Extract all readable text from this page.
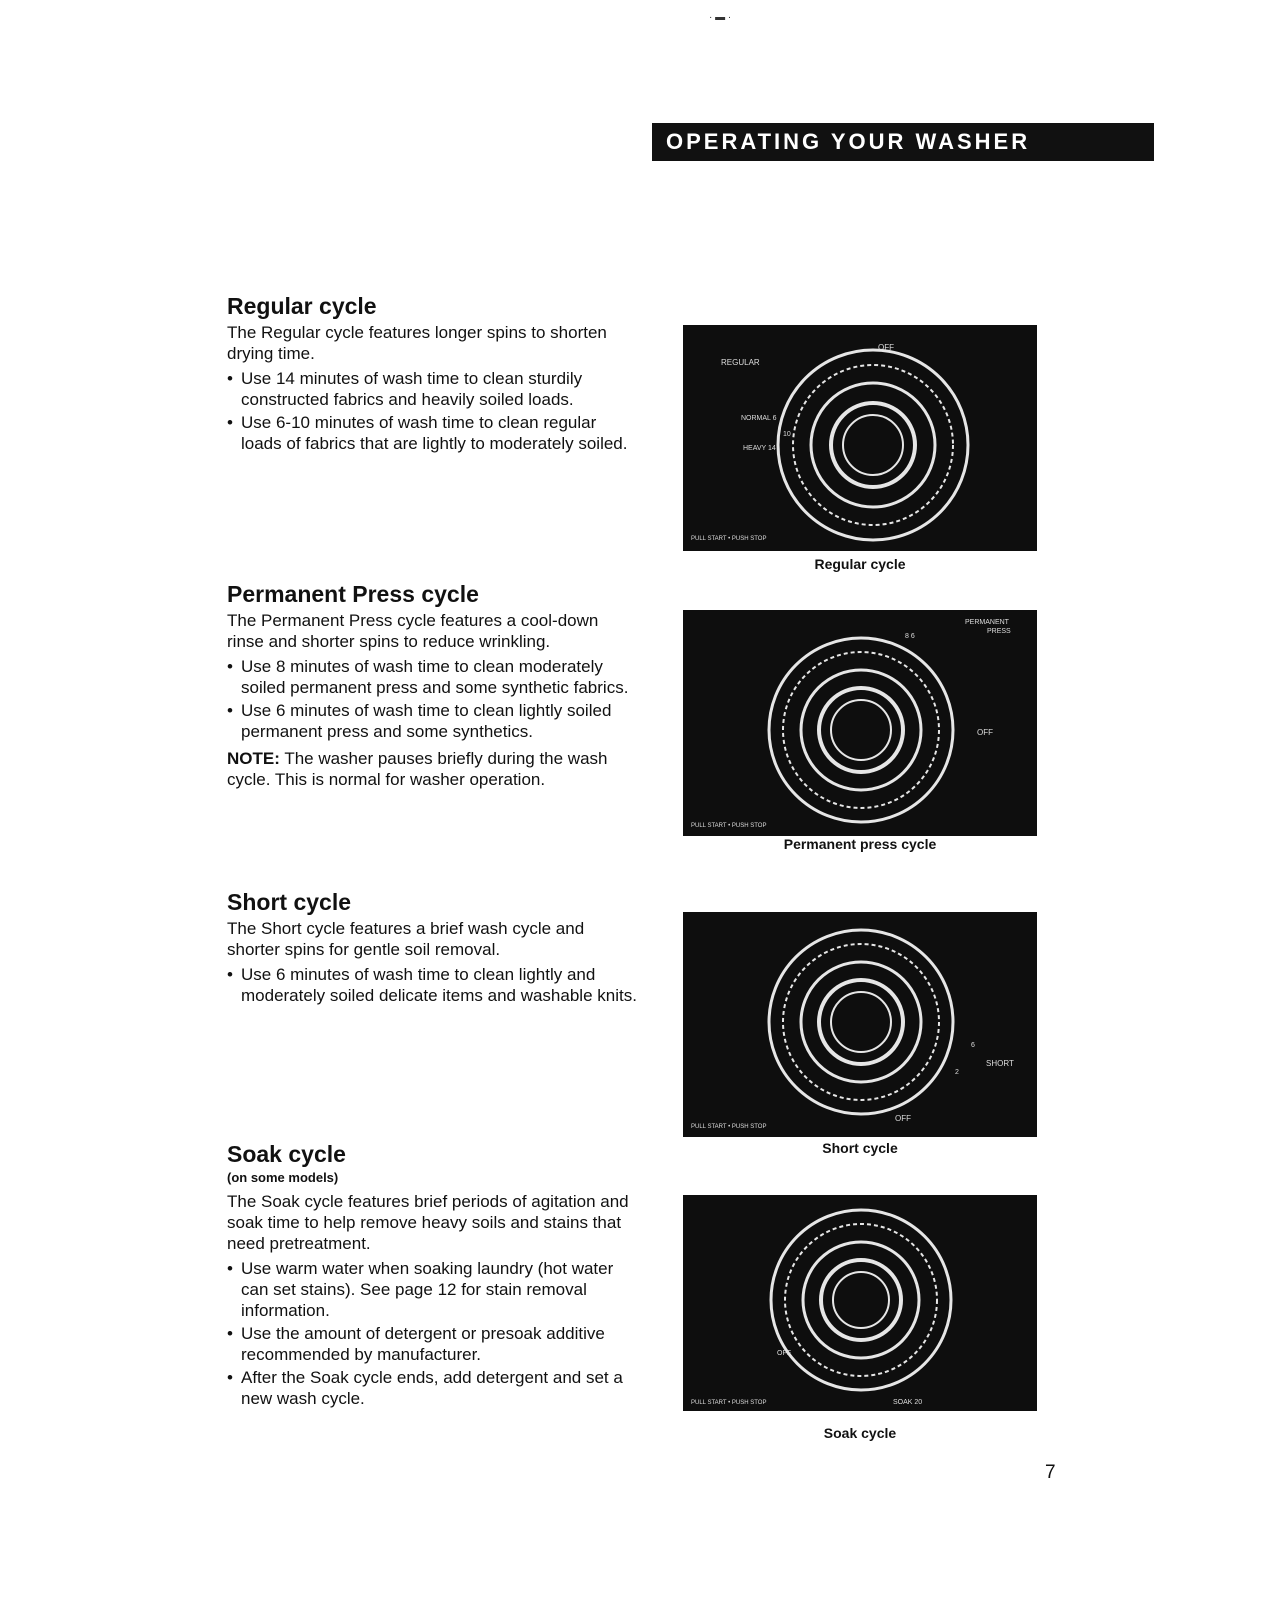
· ▬ ·
OPERATING YOUR WASHER
Regular cycle

The Regular cycle features longer spins to shorten drying time.

• Use 14 minutes of wash time to clean sturdily constructed fabrics and heavily soiled loads.
• Use 6-10 minutes of wash time to clean regular loads of fabrics that are lightly to moderately soiled.
Permanent Press cycle

The Permanent Press cycle features a cool-down rinse and shorter spins to reduce wrinkling.

• Use 8 minutes of wash time to clean moderately soiled permanent press and some synthetic fabrics.
• Use 6 minutes of wash time to clean lightly soiled permanent press and some synthetics.

NOTE: The washer pauses briefly during the wash cycle. This is normal for washer operation.

Short cycle

The Short cycle features a brief wash cycle and shorter spins for gentle soil removal.

• Use 6 minutes of wash time to clean lightly and moderately soiled delicate items and washable knits.
Soak cycle
(on some models)

The Soak cycle features brief periods of agitation and soak time to help remove heavy soils and stains that need pretreatment.

• Use warm water when soaking laundry (hot water can set stains). See page 12 for stain removal information.
• Use the amount of detergent or presoak additive recommended by manufacturer.
• After the Soak cycle ends, add detergent and set a new wash cycle.
OFF
REGULAR
NORMAL 6
10
HEAVY 14
PULL START • PUSH STOP
Regular cycle
PERMANENT
PRESS
8 6
OFF
PULL START • PUSH STOP
Permanent press cycle
6
2
SHORT
OFF
PULL START • PUSH STOP
Short cycle
OFF
SOAK 20
PULL START • PUSH STOP
Soak cycle
7
